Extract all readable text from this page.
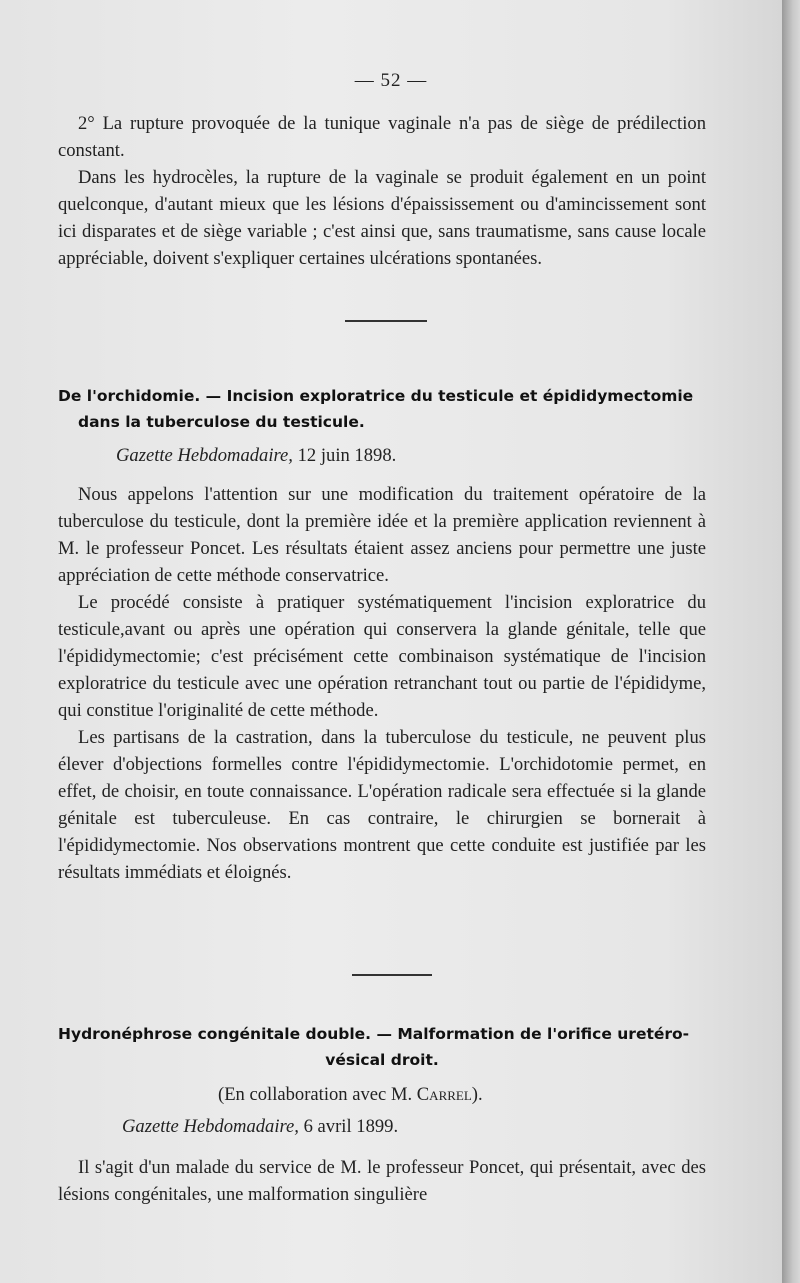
— 52 —

2° La rupture provoquée de la tunique vaginale n'a pas de siège de prédilection constant.

Dans les hydrocèles, la rupture de la vaginale se produit également en un point quelconque, d'autant mieux que les lésions d'épaississement ou d'amincissement sont ici disparates et de siège variable ; c'est ainsi que, sans traumatisme, sans cause locale appréciable, doivent s'expliquer certaines ulcérations spontanées.

De l'orchidomie. — Incision exploratrice du testicule et épididymectomie
dans la tuberculose du testicule.
Gazette Hebdomadaire, 12 juin 1898.

Nous appelons l'attention sur une modification du traitement opératoire de la tuberculose du testicule, dont la première idée et la première application reviennent à M. le professeur Poncet. Les résultats étaient assez anciens pour permettre une juste appréciation de cette méthode conservatrice.

Le procédé consiste à pratiquer systématiquement l'incision exploratrice du testicule,avant ou après une opération qui conservera la glande génitale, telle que l'épididymectomie; c'est précisément cette combinaison systématique de l'incision exploratrice du testicule avec une opération retranchant tout ou partie de l'épididyme, qui constitue l'originalité de cette méthode.

Les partisans de la castration, dans la tuberculose du testicule, ne peuvent plus élever d'objections formelles contre l'épididymectomie. L'orchidotomie permet, en effet, de choisir, en toute connaissance. L'opération radicale sera effectuée si la glande génitale est tuberculeuse. En cas contraire, le chirurgien se bornerait à l'épididymectomie. Nos observations montrent que cette conduite est justifiée par les résultats immédiats et éloignés.

Hydronéphrose congénitale double. — Malformation de l'orifice uretéro-
vésical droit.
(En collaboration avec M. Carrel).
Gazette Hebdomadaire, 6 avril 1899.

Il s'agit d'un malade du service de M. le professeur Poncet, qui présentait, avec des lésions congénitales, une malformation singulière
